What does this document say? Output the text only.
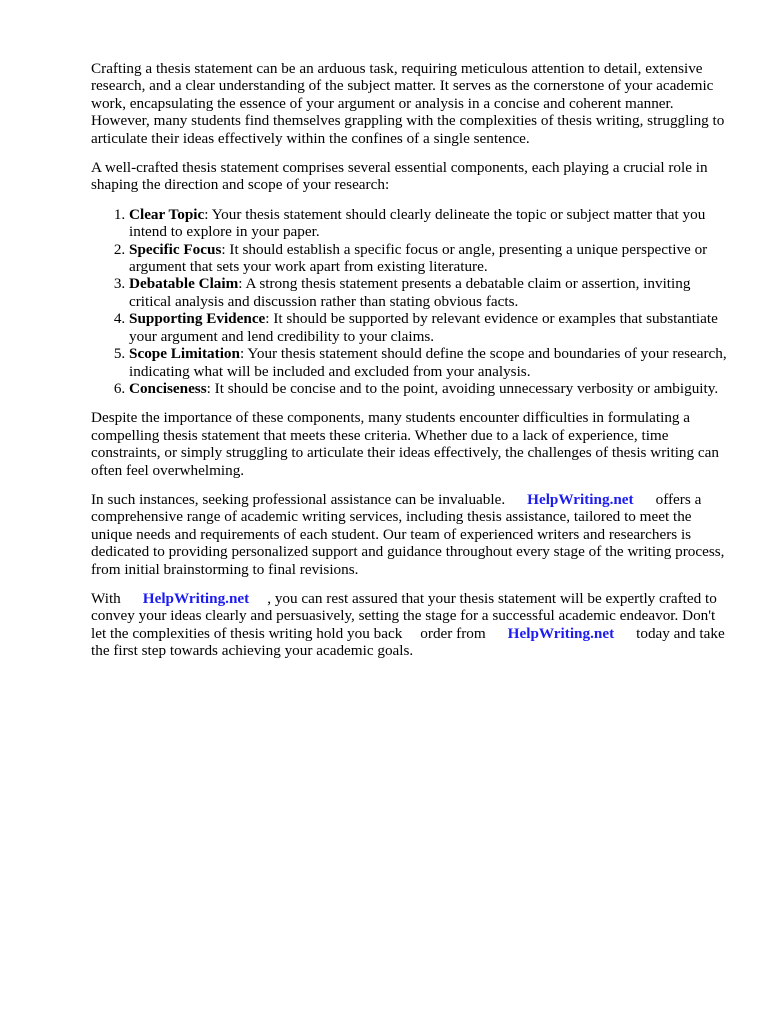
Crafting a thesis statement can be an arduous task, requiring meticulous attention to detail, extensive research, and a clear understanding of the subject matter. It serves as the cornerstone of your academic work, encapsulating the essence of your argument or analysis in a concise and coherent manner. However, many students find themselves grappling with the complexities of thesis writing, struggling to articulate their ideas effectively within the confines of a single sentence.

A well-crafted thesis statement comprises several essential components, each playing a crucial role in shaping the direction and scope of your research:

1. Clear Topic: Your thesis statement should clearly delineate the topic or subject matter that you intend to explore in your paper.
2. Specific Focus: It should establish a specific focus or angle, presenting a unique perspective or argument that sets your work apart from existing literature.
3. Debatable Claim: A strong thesis statement presents a debatable claim or assertion, inviting critical analysis and discussion rather than stating obvious facts.
4. Supporting Evidence: It should be supported by relevant evidence or examples that substantiate your argument and lend credibility to your claims.
5. Scope Limitation: Your thesis statement should define the scope and boundaries of your research, indicating what will be included and excluded from your analysis.
6. Conciseness: It should be concise and to the point, avoiding unnecessary verbosity or ambiguity.

Despite the importance of these components, many students encounter difficulties in formulating a compelling thesis statement that meets these criteria. Whether due to a lack of experience, time constraints, or simply struggling to articulate their ideas effectively, the challenges of thesis writing can often feel overwhelming.

In such instances, seeking professional assistance can be invaluable. HelpWriting.net offers a comprehensive range of academic writing services, including thesis assistance, tailored to meet the unique needs and requirements of each student. Our team of experienced writers and researchers is dedicated to providing personalized support and guidance throughout every stage of the writing process, from initial brainstorming to final revisions.

With HelpWriting.net , you can rest assured that your thesis statement will be expertly crafted to convey your ideas clearly and persuasively, setting the stage for a successful academic endeavor. Don't let the complexities of thesis writing hold you back order from HelpWriting.net today and take the first step towards achieving your academic goals.
